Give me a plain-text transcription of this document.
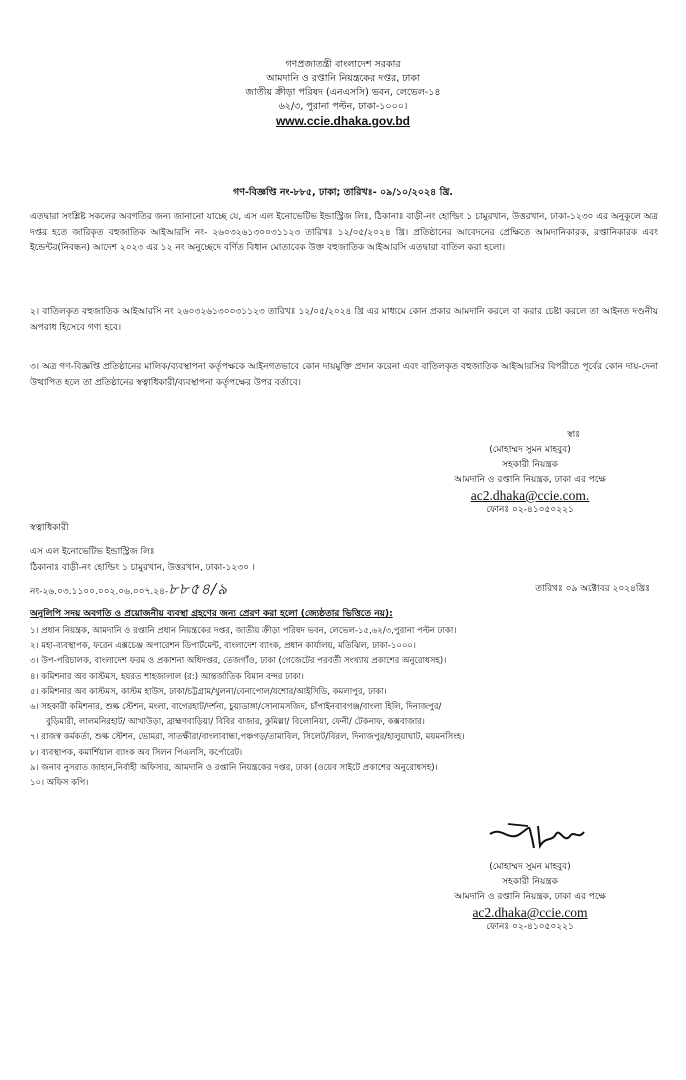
গণপ্রজাতন্ত্রী বাংলাদেশ সরকার
আমদানি ও রপ্তানি নিয়ন্ত্রকের দপ্তর, ঢাকা
জাতীয় ক্রীড়া পরিষদ (এনএসসি) ভবন, লেভেল-১৪
৬২/৩, পুরানা পল্টন, ঢাকা-১০০০।
www.ccie.dhaka.gov.bd
গণ-বিজ্ঞপ্তি নং-৮৮৫, ঢাকা; তারিখঃ- ০৯/১০/২০২৪ খ্রি.
এতদ্বারা সংশ্লিষ্ট সকলের অবগতির জন্য জানানো যাচ্ছে যে, এস এল ইনোভেটিভ ইন্ডাস্ট্রিজ লিঃ, ঠিকানাঃ বাড়ী-নং হোল্ডিং ১ চামুরখান, উত্তরখান, ঢাকা-১২৩০ এর অনুকূলে অত্র দপ্তর হতে জারিকৃত বহুজাতিক আইআরসি নং- ২৬০৩২৬১৩০০৩১১২৩ তারিখঃ ১২/০৫/২০২৪ খ্রি। প্রতিষ্ঠানের আবেদনের প্রেক্ষিতে আমদানিকারক, রপ্তানিকারক এবং ইন্ডেন্টর(নিবন্ধন) আদেশ ২০২৩ এর ১২ নং অনুচ্ছেদে বর্ণিত বিধান মোতাবেক উক্ত বহুজাতিক আইআরসি এতদ্বারা বাতিল করা হলো।
২। বাতিলকৃত বহুজাতিক আইআরসি নং ২৬০৩২৬১৩০০৩১১২৩ তারিখঃ ১২/০৫/২০২৪ খ্রি এর মাধ্যমে কোন প্রকার আমদানি করলে বা করার চেষ্টা করলে তা আইনত দণ্ডনীয় অপরাধ হিসেবে গণ্য হবে।
৩। অত্র গণ-বিজ্ঞপ্তি প্রতিষ্ঠানের মালিক/ব্যবস্থাপনা কর্তৃপক্ষকে আইনগতভাবে কোন দায়মুক্তি প্রদান করেনা এবং বাতিলকৃত বহুজাতিক আইআরসির বিপরীতে পূর্বের কোন দায়-দেনা উত্থাপিত হলে তা প্রতিষ্ঠানের স্বত্বাধিকারী/ব্যবস্থাপনা কর্তৃপক্ষের উপর বর্তাবে।
স্বাঃ
(মোহাম্মদ সুমন মাহবুব)
সহকারী নিয়ন্ত্রক
আমদানি ও রপ্তানি নিয়ন্ত্রক, ঢাকা এর পক্ষে
ac2.dhaka@ccie.com.
ফোনঃ ০২-৪১০৫০২২১
স্বত্বাধিকারী
এস এল ইনোভেটিভ ইন্ডাস্ট্রিজ লিঃ
ঠিকানাঃ বাড়ী-নং হোল্ডিং ১ চামুরখান, উত্তরখান, ঢাকা-১২৩০ ।
নং-২৬.০৩.১১০০.০০২.০৬.০০৭.২৪-৮৮৫৪/৯	তারিখঃ ০৯ অক্টোবর ২০২৪খ্রিঃ
অনুলিপি সদয় অবগতি ও প্রয়োজনীয় ব্যবস্থা গ্রহণের জন্য প্রেরণ করা হলো (জ্যেষ্ঠতার ভিত্তিতে নয়):
১। প্রধান নিয়ন্ত্রক, আমদানি ও রপ্তানি প্রধান নিয়ন্ত্রকের দপ্তর, জাতীয় ক্রীড়া পরিষদ ভবন, লেভেল-১৫,৬২/৩,পুরানা পল্টন ঢাকা।
২। মহা-ব্যবস্থাপক, ফরেন এক্সচেঞ্জ অপারেশন ডিপার্টমেন্ট, বাংলাদেশ ব্যাংক, প্রধান কার্যালয়, মতিঝিল, ঢাকা-১০০০।
৩। উপ-পরিচালক, বাংলাদেশ ফরম ও প্রকাশনা অধিদপ্তর, তেজগাঁও, ঢাকা (গেজেটের পরবর্তী সংখ্যায় প্রকাশের অনুরোধসহ)।
৪। কমিশনার অব কাস্টমস, হযরত শাহজালাল (র:) আন্তর্জাতিক বিমান বন্দর ঢাকা।
৫। কমিশনার অব কাস্টমস, কাস্টম হাউস, ঢাকা/চট্টগ্রাম/খুলনা/বেনাপোল/যশোর/আইসিডি, কমলাপুর, ঢাকা।
৬। সহকারী কমিশনার, শুল্ক স্টেশন, মংলা, বাগেরহাট/দর্শনা, চুয়াডাঙ্গা/সোনামসজিদ, চাঁপাইনবাবগঞ্জ/বাংলা হিলি, দিনাজপুর/
বুড়িমারী, লালমনিরহাট/ আখাউড়া, ব্রাহ্মণবাড়িয়া/ বিবির বাজার, কুমিল্লা/ বিলোনিয়া, ফেনী/ টেকনাফ, কক্সবাজার।
৭। রাজস্ব কর্মকর্তা, শুল্ক স্টেশন, ভোমরা, সাতক্ষীরা/বাংলাবান্ধা,পঞ্চগড়/তামাবিল, সিলেট/বিরল, দিনাজপুর/হালুয়াঘাট, ময়মনসিংহ।
৮। ব্যবস্থাপক, কমার্শিয়াল ব্যাংক অব সিলন পিএলসি, কর্পোরেট।
৯। জনাব নুসরাত জাহান,নির্বাহী অফিসার, আমদানি ও রপ্তানি নিয়ন্ত্রকের দপ্তর, ঢাকা (ওয়েব সাইটে প্রকাশের অনুরোধসহ)।
১০। অফিস কপি।
(মোহাম্মদ সুমন মাহবুব)
সহকারী নিয়ন্ত্রক
আমদানি ও রপ্তানি নিয়ন্ত্রক, ঢাকা এর পক্ষে
ac2.dhaka@ccie.com
ফোনঃ ০২-৪১০৫০২২১
